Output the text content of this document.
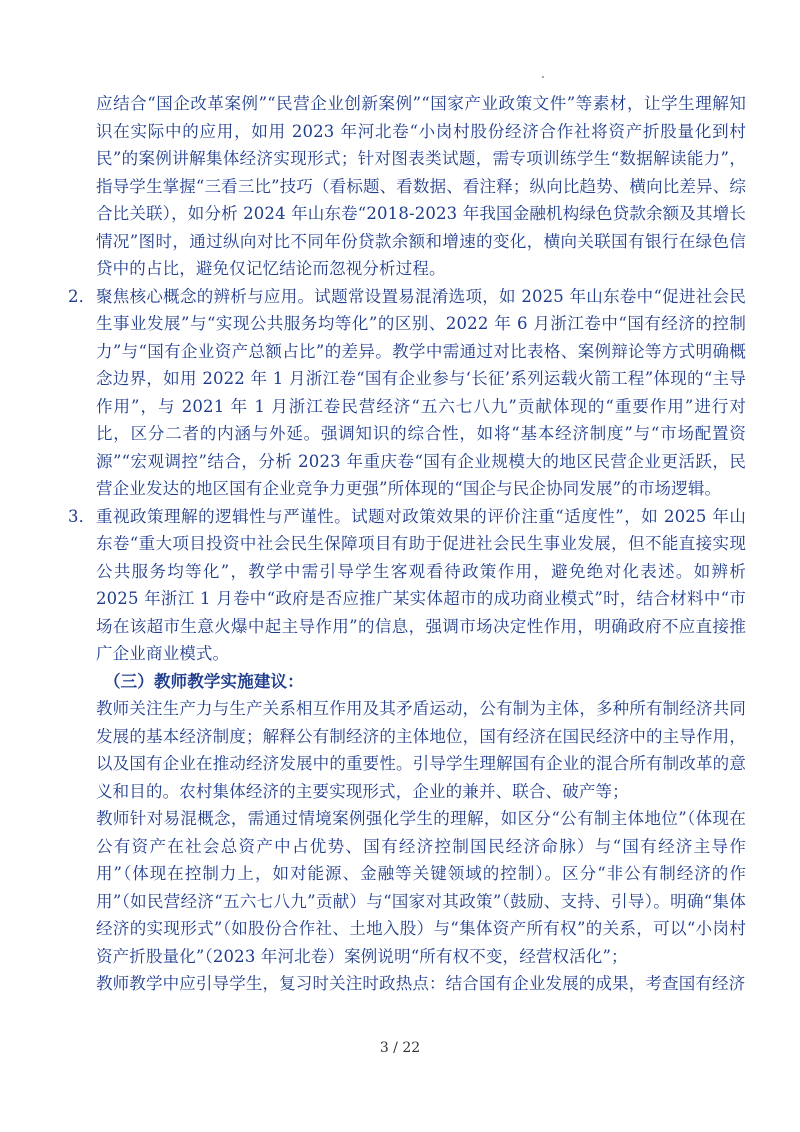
应结合“国企改革案例”“民营企业创新案例”“国家产业政策文件”等素材，让学生理解知识在实际中的应用，如用 2023 年河北卷“小岗村股份经济合作社将资产折股量化到村民”的案例讲解集体经济实现形式；针对图表类试题，需专项训练学生“数据解读能力”，指导学生掌握“三看三比”技巧（看标题、看数据、看注释；纵向比趋势、横向比差异、综合比关联），如分析 2024 年山东卷“2018-2023 年我国金融机构绿色贷款余额及其增长情况”图时，通过纵向对比不同年份贷款余额和增速的变化，横向关联国有银行在绿色信贷中的占比，避免仅记忆结论而忽视分析过程。

2． 聚焦核心概念的辨析与应用。试题常设置易混淆选项，如 2025 年山东卷中“促进社会民生事业发展”与“实现公共服务均等化”的区别、2022 年 6 月浙江卷中“国有经济的控制力”与“国有企业资产总额占比”的差异。教学中需通过对比表格、案例辩论等方式明确概念边界，如用 2022 年 1 月浙江卷“国有企业参与‘长征’系列运载火箭工程”体现的“主导作用”，与 2021 年 1 月浙江卷民营经济“五六七八九”贡献体现的“重要作用”进行对比，区分二者的内涵与外延。强调知识的综合性，如将“基本经济制度”与“市场配置资源”“宏观调控”结合，分析 2023 年重庆卷“国有企业规模大的地区民营企业更活跃，民营企业发达的地区国有企业竞争力更强”所体现的“国企与民企协同发展”的市场逻辑。

3． 重视政策理解的逻辑性与严谨性。试题对政策效果的评价注重“适度性”，如 2025 年山东卷“重大项目投资中社会民生保障项目有助于促进社会民生事业发展，但不能直接实现公共服务均等化”，教学中需引导学生客观看待政策作用，避免绝对化表述。如辨析 2025 年浙江 1 月卷中“政府是否应推广某实体超市的成功商业模式”时，结合材料中“市场在该超市生意火爆中起主导作用”的信息，强调市场决定性作用，明确政府不应直接推广企业商业模式。

（三）教师教学实施建议：

教师关注生产力与生产关系相互作用及其矛盾运动，公有制为主体，多种所有制经济共同发展的基本经济制度；解释公有制经济的主体地位，国有经济在国民经济中的主导作用，以及国有企业在推动经济发展中的重要性。引导学生理解国有企业的混合所有制改革的意义和目的。农村集体经济的主要实现形式，企业的兼并、联合、破产等；

教师针对易混概念，需通过情境案例强化学生的理解，如区分“公有制主体地位”（体现在公有资产在社会总资产中占优势、国有经济控制国民经济命脉）与“国有经济主导作用”（体现在控制力上，如对能源、金融等关键领域的控制）。区分“非公有制经济的作用”（如民营经济“五六七八九”贡献）与“国家对其政策”（鼓励、支持、引导）。明确“集体经济的实现形式”（如股份合作社、土地入股）与“集体资产所有权”的关系，可以“小岗村资产折股量化”（2023 年河北卷）案例说明“所有权不变，经营权活化”；

教师教学中应引导学生，复习时关注时政热点：结合国有企业发展的成果，考查国有经济

3 / 22
